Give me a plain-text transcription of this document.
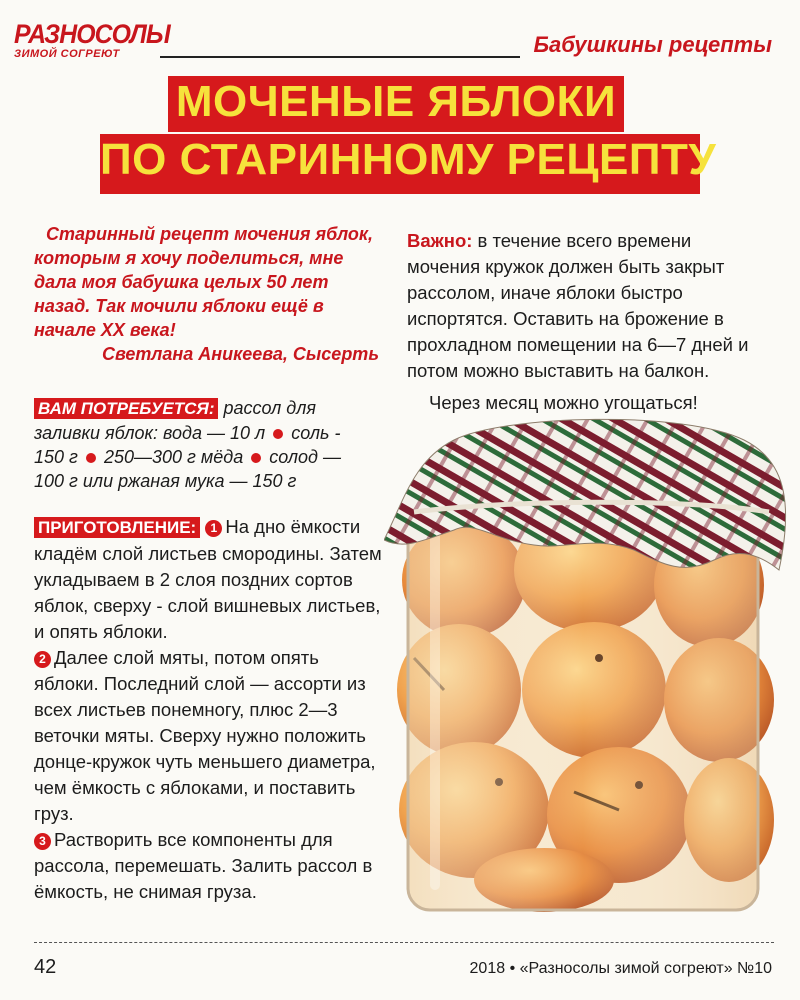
РАЗНОСОЛЫ
ЗИМОЙ СОГРЕЮТ	Бабушкины рецепты
МОЧЕНЫЕ ЯБЛОКИ
ПО СТАРИННОМУ РЕЦЕПТУ

Старинный рецепт мочения яблок, которым я хочу поделиться, мне дала моя бабушка целых 50 лет назад. Так мочили яблоки ещё в начале XX века!

Светлана Аникеева, Сысерть
ВАМ ПОТРЕБУЕТСЯ: рассол для заливки яблок: вода — 10 л соль - 150 г 250—300 г мёда солод — 100 г или ржаная мука — 150 г
ПРИГОТОВЛЕНИЕ: 1 На дно ёмкости кладём слой листьев смородины. Затем укладываем в 2 слоя поздних сортов яблок, сверху - слой вишневых листьев, и опять яблоки.
2 Далее слой мяты, потом опять яблоки. Последний слой — ассорти из всех листьев понемногу, плюс 2—3 веточки мяты. Сверху нужно положить донце-кружок чуть меньшего диаметра, чем ёмкость с яблоками, и поставить груз.
3 Растворить все компоненты для рассола, перемешать. Залить рассол в ёмкость, не снимая груза.
Важно: в течение всего времени мочения кружок должен быть закрыт рассолом, иначе яблоки быстро испортятся. Оставить на брожение в прохладном помещении на 6—7 дней и потом можно выставить на балкон.
Через месяц можно угощаться!
42	2018 • «Разносолы зимой согреют» №10
